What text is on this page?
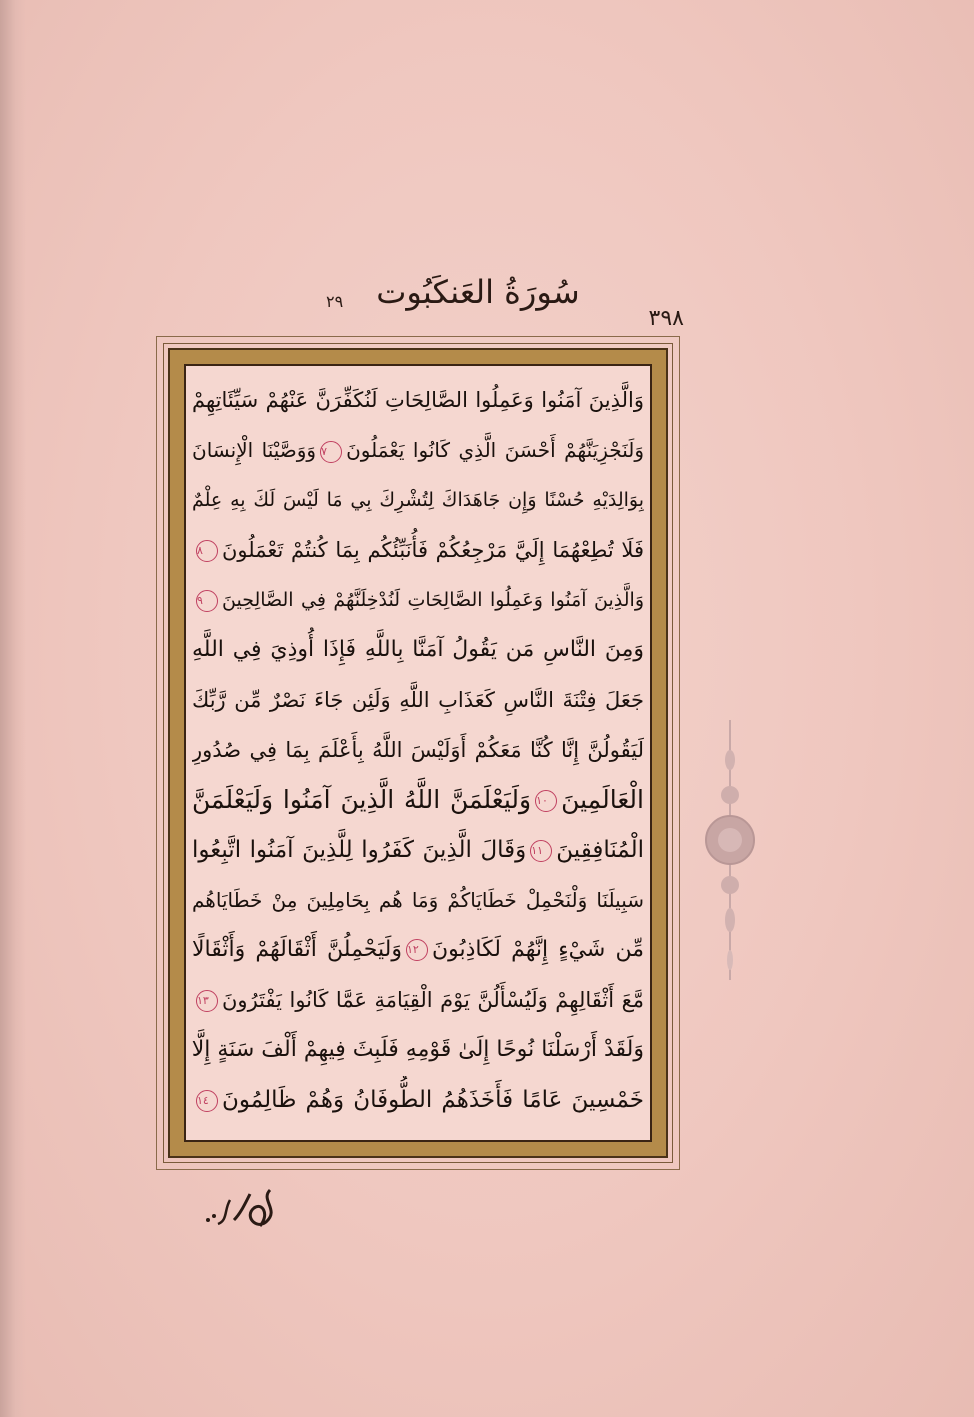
سُورَةُ العَنكَبُوت
٢٩
٣٩٨
وَالَّذِينَ آمَنُوا وَعَمِلُوا الصَّالِحَاتِ لَنُكَفِّرَنَّ عَنْهُمْ سَيِّئَاتِهِمْ
وَلَنَجْزِيَنَّهُمْ أَحْسَنَ الَّذِي كَانُوا يَعْمَلُونَ٧وَوَصَّيْنَا الْإِنسَانَ
بِوَالِدَيْهِ حُسْنًا وَإِن جَاهَدَاكَ لِتُشْرِكَ بِي مَا لَيْسَ لَكَ بِهِ عِلْمٌ
فَلَا تُطِعْهُمَا إِلَيَّ مَرْجِعُكُمْ فَأُنَبِّئُكُم بِمَا كُنتُمْ تَعْمَلُونَ٨
وَالَّذِينَ آمَنُوا وَعَمِلُوا الصَّالِحَاتِ لَنُدْخِلَنَّهُمْ فِي الصَّالِحِينَ٩
وَمِنَ النَّاسِ مَن يَقُولُ آمَنَّا بِاللَّهِ فَإِذَا أُوذِيَ فِي اللَّهِ
جَعَلَ فِتْنَةَ النَّاسِ كَعَذَابِ اللَّهِ وَلَئِن جَاءَ نَصْرٌ مِّن رَّبِّكَ
لَيَقُولُنَّ إِنَّا كُنَّا مَعَكُمْ أَوَلَيْسَ اللَّهُ بِأَعْلَمَ بِمَا فِي صُدُورِ
الْعَالَمِينَ١٠وَلَيَعْلَمَنَّ اللَّهُ الَّذِينَ آمَنُوا وَلَيَعْلَمَنَّ
الْمُنَافِقِينَ١١وَقَالَ الَّذِينَ كَفَرُوا لِلَّذِينَ آمَنُوا اتَّبِعُوا
سَبِيلَنَا وَلْنَحْمِلْ خَطَايَاكُمْ وَمَا هُم بِحَامِلِينَ مِنْ خَطَايَاهُم
مِّن شَيْءٍ إِنَّهُمْ لَكَاذِبُونَ١٢وَلَيَحْمِلُنَّ أَثْقَالَهُمْ وَأَثْقَالًا
مَّعَ أَثْقَالِهِمْ وَلَيُسْأَلُنَّ يَوْمَ الْقِيَامَةِ عَمَّا كَانُوا يَفْتَرُونَ١٣
وَلَقَدْ أَرْسَلْنَا نُوحًا إِلَىٰ قَوْمِهِ فَلَبِثَ فِيهِمْ أَلْفَ سَنَةٍ إِلَّا
خَمْسِينَ عَامًا فَأَخَذَهُمُ الطُّوفَانُ وَهُمْ ظَالِمُونَ١٤
